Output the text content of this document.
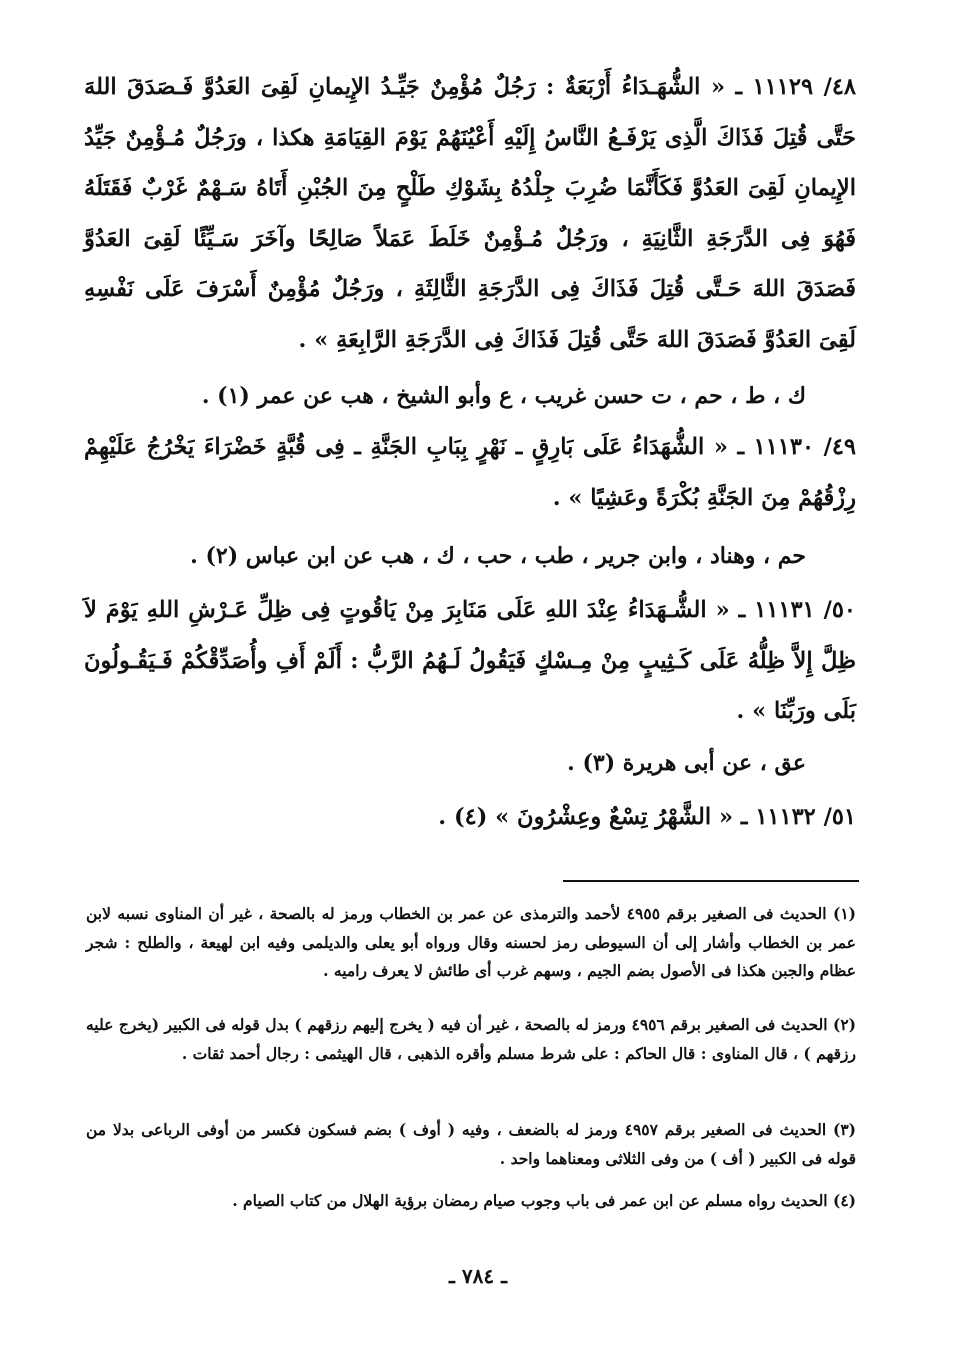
٤٨/ ١١١٢٩ ـ « الشُّهَـدَاءُ أَرْبَعَةٌ : رَجُلٌ مُؤْمِنٌ جَيِّـدُ الإِيمانِ لَقِىَ العَدُوَّ فَـصَدَقَ اللهَ حَتَّى قُتِلَ فَذَاكَ الَّذِى يَرْفَـعُ النَّاسُ إِلَيْهِ أَعْيُنَهُمْ يَوْمَ القِيَامَةِ هكذا ، ورَجُلٌ مُـؤْمِنٌ جَيِّدُ الإِيمانِ لَقِىَ العَدُوَّ فَكَأَنَّمَا ضُرِبَ جِلْدُهُ بِشَوْكِ طَلْحٍ مِنَ الجُبْنِ أَتَاهُ سَـهْمٌ غَرْبٌ فَقَتَلَهُ فَهُوَ فِى الدَّرَجَةِ الثَّانِيَةِ ، ورَجُلٌ مُـؤْمِنٌ خَلَطَ عَمَلاً صَالِحًا وآخَرَ سَـيِّئًا لَقِىَ العَدُوَّ فَصَدَقَ اللهَ حَـتَّى قُتِلَ فَذَاكَ فِى الدَّرَجَةِ الثَّالِثَةِ ، ورَجُلٌ مُؤْمِنٌ أَسْرَفَ عَلَى نَفْسِهِ لَقِىَ العَدُوَّ فَصَدَقَ اللهَ حَتَّى قُتِلَ فَذَاكَ فِى الدَّرَجَةِ الرَّابِعَةِ » .

ك ، ط ، حم ، ت حسن غريب ، ع وأبو الشيخ ، هب عن عمر (١) .

٤٩/ ١١١٣٠ ـ « الشُّهَدَاءُ عَلَى بَارِقٍ ـ نَهْرٍ بِبَابِ الجَنَّةِ ـ فِى قُبَّةٍ خَضْرَاءَ يَخْرُجُ عَلَيْهِمْ رِزْقُهُمْ مِنَ الجَنَّةِ بُكْرَةً وعَشِيًا » .

حم ، وهناد ، وابن جرير ، طب ، حب ، ك ، هب عن ابن عباس (٢) .

٥٠/ ١١١٣١ ـ « الشُّـهَدَاءُ عِنْدَ اللهِ عَلَى مَنَابِرَ مِنْ يَاقُوتٍ فِى ظِلِّ عَـرْشِ اللهِ يَوْمَ لاَ ظِلَّ إِلاَّ ظِلُّهُ عَلَى كَـثِيبٍ مِنْ مِـسْكٍ فَيَقُولُ لَـهُمُ الرَّبُّ : أَلَمْ أَفِ وأُصَدِّقْكُمْ فَـيَقُـولُونَ بَلَى ورَبِّنَا » .

عق ، عن أبى هريرة (٣) .

٥١/ ١١١٣٢ ـ « الشَّهْرُ تِسْعٌ وعِشْرُونَ » (٤) .

(١) الحديث فى الصغير برقم ٤٩٥٥ لأحمد والترمذى عن عمر بن الخطاب ورمز له بالصحة ، غير أن المناوى نسبه لابن عمر بن الخطاب وأشار إلى أن السيوطى رمز لحسنه وقال ورواه أبو يعلى والديلمى وفيه ابن لهيعة ، والطلح : شجر عظام والجبن هكذا فى الأصول بضم الجيم ، وسهم غرب أى طائش لا يعرف راميه .

(٢) الحديث فى الصغير برقم ٤٩٥٦ ورمز له بالصحة ، غير أن فيه ( يخرج إليهم رزقهم ) بدل قوله فى الكبير (يخرج عليه رزقهم ) ، قال المناوى : قال الحاكم : على شرط مسلم وأقره الذهبى ، قال الهيثمى : رجال أحمد ثقات .

(٣) الحديث فى الصغير برقم ٤٩٥٧ ورمز له بالضعف ، وفيه ( أوف ) بضم فسكون فكسر من أوفى الرباعى بدلا من قوله فى الكبير ( أف ) من وفى الثلاثى ومعناهما واحد .

(٤) الحديث رواه مسلم عن ابن عمر فى باب وجوب صيام رمضان برؤية الهلال من كتاب الصيام .

ـ ٧٨٤ ـ
